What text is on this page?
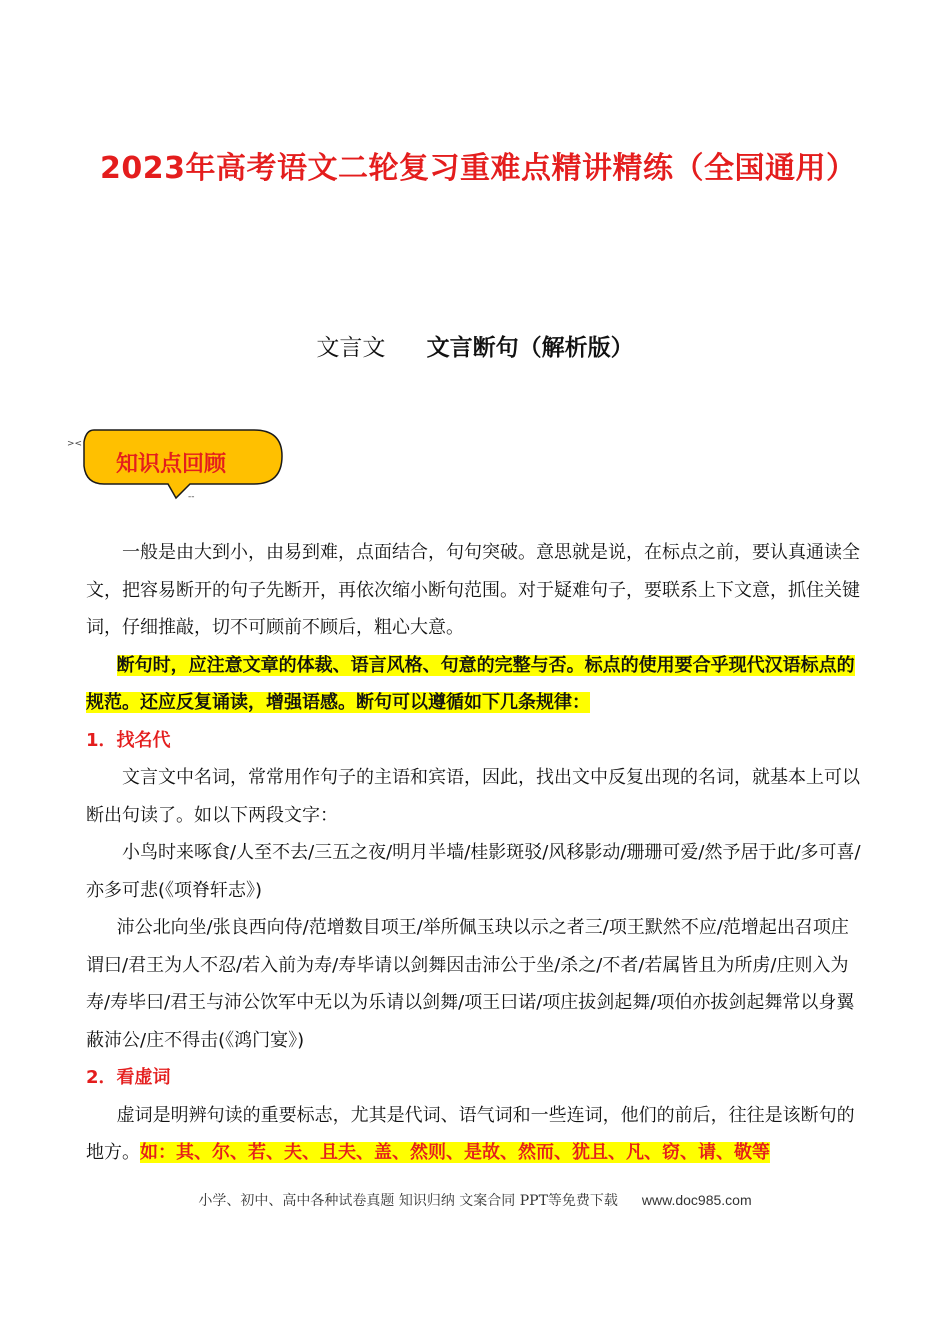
2023年高考语文二轮复习重难点精讲精练（全国通用）
文言文 文言断句（解析版）
><
--
知识点回顾

一般是由大到小，由易到难，点面结合，句句突破。意思就是说，在标点之前，要认真通读全文，把容易断开的句子先断开，再依次缩小断句范围。对于疑难句子，要联系上下文意，抓住关键词，仔细推敲，切不可顾前不顾后，粗心大意。

断句时，应注意文章的体裁、语言风格、句意的完整与否。标点的使用要合乎现代汉语标点的规范。还应反复诵读，增强语感。断句可以遵循如下几条规律：

1．找名代

文言文中名词，常常用作句子的主语和宾语，因此，找出文中反复出现的名词，就基本上可以断出句读了。如以下两段文字：

小鸟时来啄食/人至不去/三五之夜/明月半墙/桂影斑驳/风移影动/珊珊可爱/然予居于此/多可喜/亦多可悲(《项脊轩志》)

沛公北向坐/张良西向侍/范增数目项王/举所佩玉玦以示之者三/项王默然不应/范增起出召项庄谓曰/君王为人不忍/若入前为寿/寿毕请以剑舞因击沛公于坐/杀之/不者/若属皆且为所虏/庄则入为寿/寿毕曰/君王与沛公饮军中无以为乐请以剑舞/项王曰诺/项庄拔剑起舞/项伯亦拔剑起舞常以身翼蔽沛公/庄不得击(《鸿门宴》)

2．看虚词

虚词是明辨句读的重要标志，尤其是代词、语气词和一些连词，他们的前后，往往是该断句的地方。如：其、尔、若、夫、且夫、盖、然则、是故、然而、犹且、凡、窃、请、敬等

小学、初中、高中各种试卷真题 知识归纳 文案合同 PPT等免费下载 www.doc985.com
